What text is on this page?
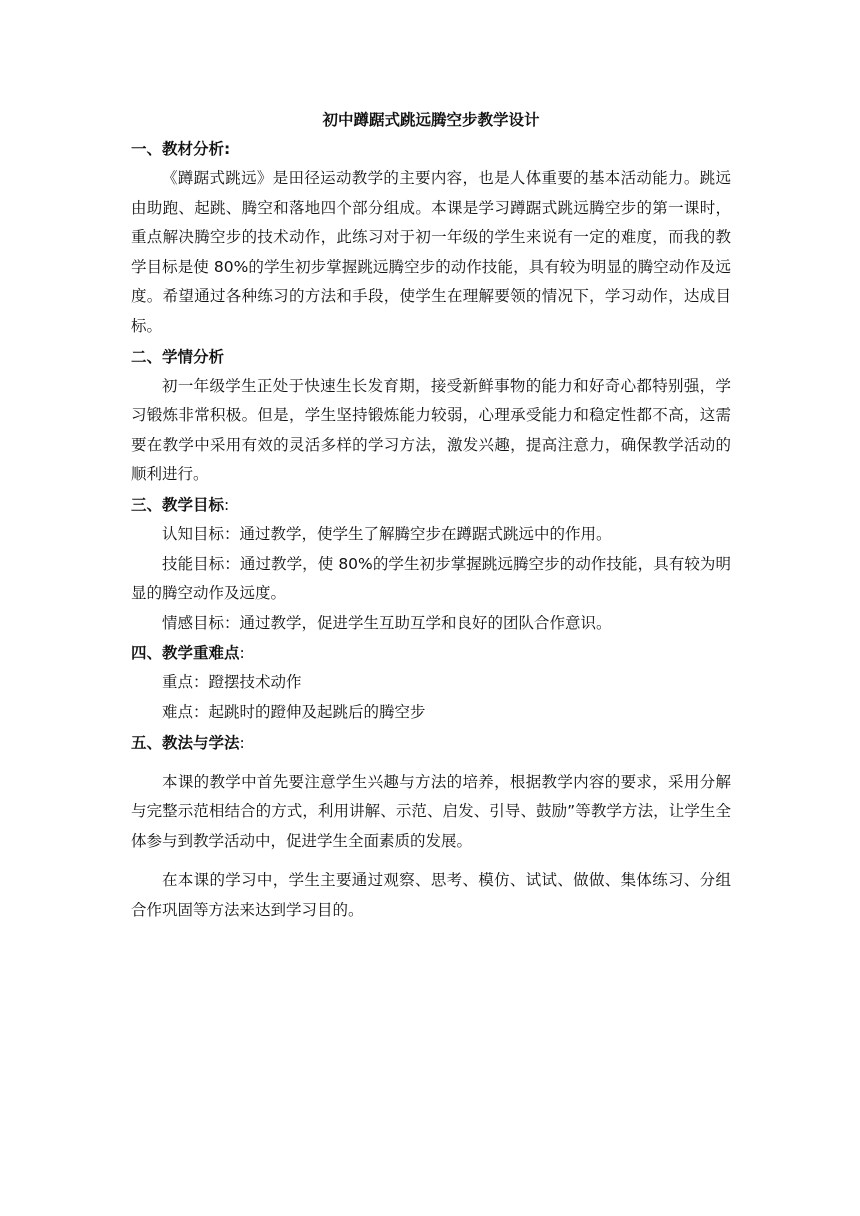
初中蹲踞式跳远腾空步教学设计
一、教材分析:

《蹲踞式跳远》是田径运动教学的主要内容，也是人体重要的基本活动能力。跳远由助跑、起跳、腾空和落地四个部分组成。本课是学习蹲踞式跳远腾空步的第一课时，重点解决腾空步的技术动作，此练习对于初一年级的学生来说有一定的难度，而我的教学目标是使 80%的学生初步掌握跳远腾空步的动作技能，具有较为明显的腾空动作及远度。希望通过各种练习的方法和手段，使学生在理解要领的情况下，学习动作，达成目标。

二、学情分析

初一年级学生正处于快速生长发育期，接受新鲜事物的能力和好奇心都特别强，学习锻炼非常积极。但是，学生坚持锻炼能力较弱，心理承受能力和稳定性都不高，这需要在教学中采用有效的灵活多样的学习方法，激发兴趣，提高注意力，确保教学活动的顺利进行。

三、教学目标:

认知目标：通过教学，使学生了解腾空步在蹲踞式跳远中的作用。

技能目标：通过教学，使 80%的学生初步掌握跳远腾空步的动作技能，具有较为明显的腾空动作及远度。

情感目标：通过教学，促进学生互助互学和良好的团队合作意识。

四、教学重难点:

重点：蹬摆技术动作

难点：起跳时的蹬伸及起跳后的腾空步

五、教法与学法:

本课的教学中首先要注意学生兴趣与方法的培养，根据教学内容的要求，采用分解与完整示范相结合的方式，利用讲解、示范、启发、引导、鼓励”等教学方法，让学生全体参与到教学活动中，促进学生全面素质的发展。

在本课的学习中，学生主要通过观察、思考、模仿、试试、做做、集体练习、分组合作巩固等方法来达到学习目的。
